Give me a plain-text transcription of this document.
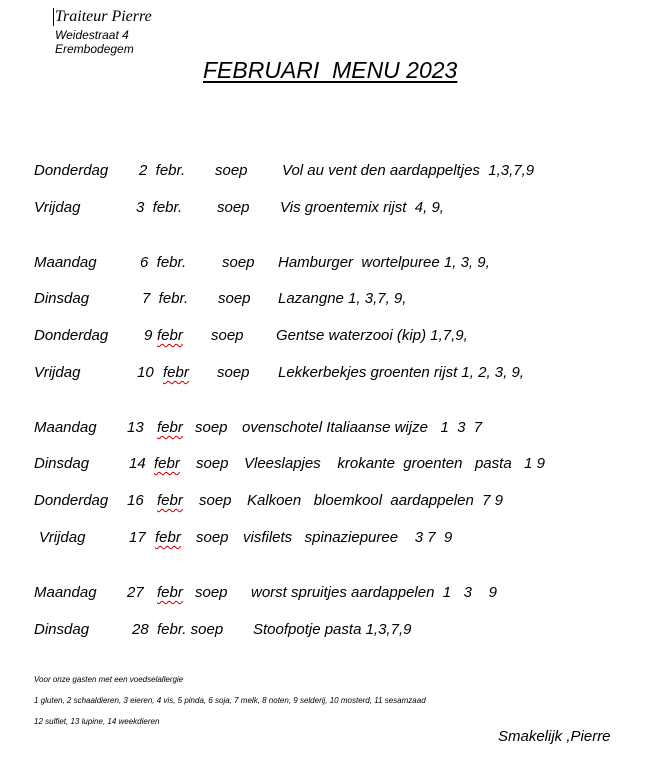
Traiteur Pierre
Weidestraat 4
Erembodegem
FEBRUARI  MENU 2023
Donderdag 2  febr. soep Vol au vent den aardappeltjes  1,3,7,9
Vrijdag	3  febr. soep Vis groentemix rijst  4, 9,
Maandag	6  febr. soep Hamburger  wortelpuree 1, 3, 9,
Dinsdag	7  febr. soep Lazangne 1, 3,7, 9,
Donderdag 9 febr soep Gentse waterzooi (kip) 1,7,9,
Vrijdag	10 febr soep Lekkerbekjes groenten rijst 1, 2, 3, 9,
Maandag 13 febr soep ovenschotel Italiaanse wijze   1  3  7
Dinsdag	14 febr soep Vleeslapjes    krokante  groenten   pasta   1 9
Donderdag 16 febr soep Kalkoen   bloemkool  aardappelen  7 9
Vrijdag	17 febr soep visfilets   spinaziepuree    3 7  9
Maandag 27 febr soep worst spruitjes aardappelen  1   3    9
Dinsdag	28  febr. soep Stoofpotje pasta 1,3,7,9
Voor onze gasten met een voedselallergie
1 gluten, 2 schaaldieren, 3 eieren, 4 vis, 5 pinda, 6 soja, 7 melk, 8 noten, 9 selderij, 10 mosterd, 11 sesamzaad
12 sulfiet, 13 lupine, 14 weekdieren
Smakelijk ,Pierre
